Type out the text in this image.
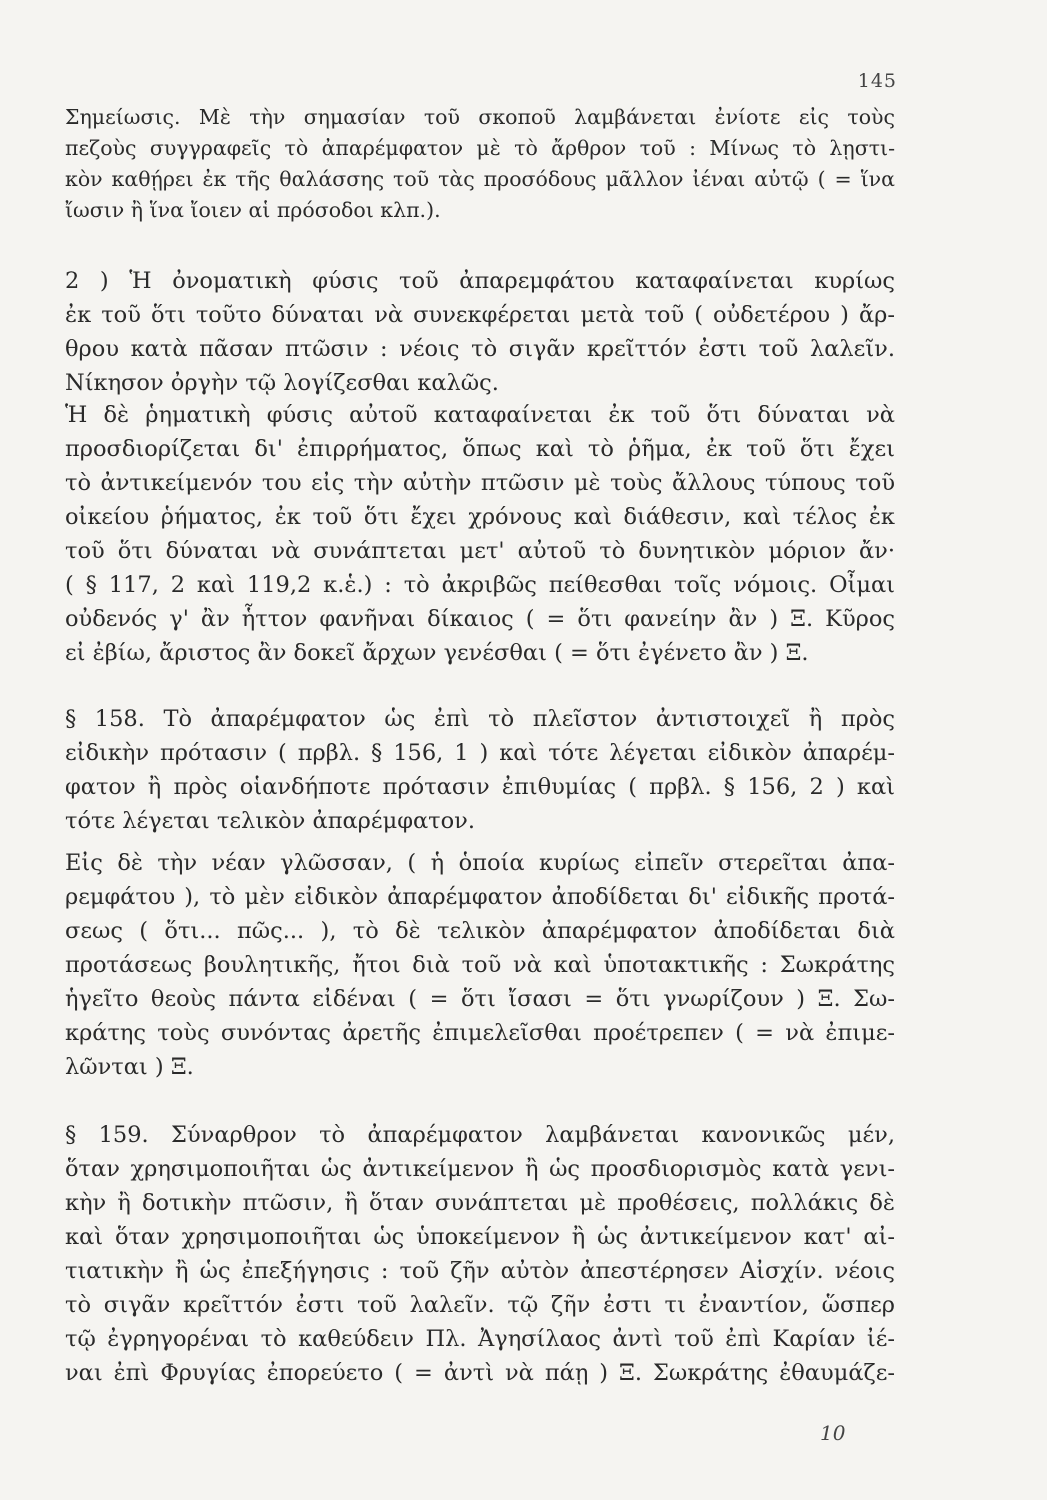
145
Σημείωσις. Μὲ τὴν σημασίαν τοῦ σκοποῦ λαμβάνεται ἐνίοτε εἰς τοὺς
πεζοὺς συγγραφεῖς τὸ ἀπαρέμφατον μὲ τὸ ἄρθρον τοῦ : Μίνως τὸ λῃστι-
κὸν καθῄρει ἐκ τῆς θαλάσσης τοῦ τὰς προσόδους μᾶλλον ἰέναι αὐτῷ ( = ἵνα
ἴωσιν ἢ ἵνα ἴοιεν αἱ πρόσοδοι κλπ.).
2 ) Ἡ ὀνοματικὴ φύσις τοῦ ἀπαρεμφάτου καταφαίνεται κυρίως
ἐκ τοῦ ὅτι τοῦτο δύναται νὰ συνεκφέρεται μετὰ τοῦ ( οὐδετέρου ) ἄρ-
θρου κατὰ πᾶσαν πτῶσιν : νέοις τὸ σιγᾶν κρεῖττόν ἐστι τοῦ λαλεῖν.
Νίκησον ὀργὴν τῷ λογίζεσθαι καλῶς.
Ἡ δὲ ῥηματικὴ φύσις αὐτοῦ καταφαίνεται ἐκ τοῦ ὅτι δύναται νὰ
προσδιορίζεται δι' ἐπιρρήματος, ὅπως καὶ τὸ ῥῆμα, ἐκ τοῦ ὅτι ἔχει
τὸ ἀντικείμενόν του εἰς τὴν αὐτὴν πτῶσιν μὲ τοὺς ἄλλους τύπους τοῦ
οἰκείου ῥήματος, ἐκ τοῦ ὅτι ἔχει χρόνους καὶ διάθεσιν, καὶ τέλος ἐκ
τοῦ ὅτι δύναται νὰ συνάπτεται μετ' αὐτοῦ τὸ δυνητικὸν μόριον ἄν·
( § 117, 2 καὶ 119,2 κ.ἑ.) : τὸ ἀκριβῶς πείθεσθαι τοῖς νόμοις. Οἶμαι
οὐδενός γ' ἂν ἧττον φανῆναι δίκαιος ( = ὅτι φανείην ἂν ) Ξ. Κῦρος
εἰ ἐβίω, ἄριστος ἂν δοκεῖ ἄρχων γενέσθαι ( = ὅτι ἐγένετο ἂν ) Ξ.
§ 158. Τὸ ἀπαρέμφατον ὡς ἐπὶ τὸ πλεῖστον ἀντιστοιχεῖ ἢ πρὸς
εἰδικὴν πρότασιν ( πρβλ. § 156, 1 ) καὶ τότε λέγεται εἰδικὸν ἀπαρέμ-
φατον ἢ πρὸς οἱανδήποτε πρότασιν ἐπιθυμίας ( πρβλ. § 156, 2 ) καὶ
τότε λέγεται τελικὸν ἀπαρέμφατον.
Εἰς δὲ τὴν νέαν γλῶσσαν, ( ἡ ὁποία κυρίως εἰπεῖν στερεῖται ἀπα-
ρεμφάτου ), τὸ μὲν εἰδικὸν ἀπαρέμφατον ἀποδίδεται δι' εἰδικῆς προτά-
σεως ( ὅτι... πῶς... ), τὸ δὲ τελικὸν ἀπαρέμφατον ἀποδίδεται διὰ
προτάσεως βουλητικῆς, ἤτοι διὰ τοῦ νὰ καὶ ὑποτακτικῆς : Σωκράτης
ἡγεῖτο θεοὺς πάντα εἰδέναι ( = ὅτι ἴσασι = ὅτι γνωρίζουν ) Ξ. Σω-
κράτης τοὺς συνόντας ἀρετῆς ἐπιμελεῖσθαι προέτρεπεν ( = νὰ ἐπιμε-
λῶνται ) Ξ.
§ 159. Σύναρθρον τὸ ἀπαρέμφατον λαμβάνεται κανονικῶς μέν,
ὅταν χρησιμοποιῆται ὡς ἀντικείμενον ἢ ὡς προσδιορισμὸς κατὰ γενι-
κὴν ἢ δοτικὴν πτῶσιν, ἢ ὅταν συνάπτεται μὲ προθέσεις, πολλάκις δὲ
καὶ ὅταν χρησιμοποιῆται ὡς ὑποκείμενον ἢ ὡς ἀντικείμενον κατ' αἰ-
τιατικὴν ἢ ὡς ἐπεξήγησις : τοῦ ζῆν αὐτὸν ἀπεστέρησεν Αἰσχίν. νέοις
τὸ σιγᾶν κρεῖττόν ἐστι τοῦ λαλεῖν. τῷ ζῆν ἐστι τι ἐναντίον, ὥσπερ
τῷ ἐγρηγορέναι τὸ καθεύδειν Πλ. Ἀγησίλαος ἀντὶ τοῦ ἐπὶ Καρίαν ἰέ-
ναι ἐπὶ Φρυγίας ἐπορεύετο ( = ἀντὶ νὰ πάῃ ) Ξ. Σωκράτης ἐθαυμάζε-
10
